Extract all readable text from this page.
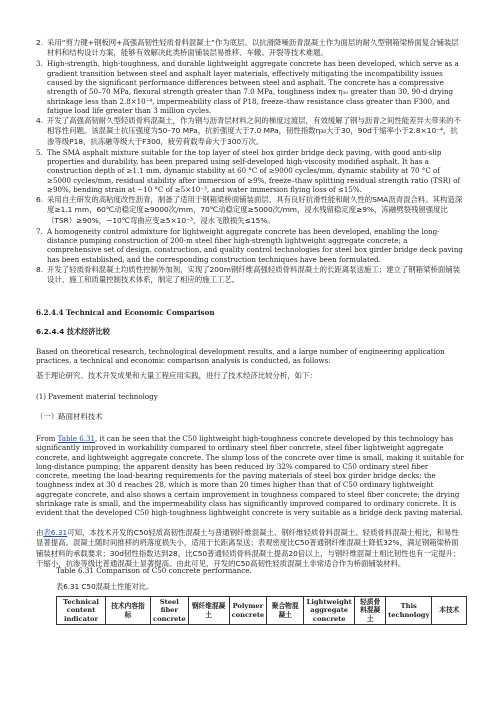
2. 采用“剪力键+钢板网+高强高韧性轻质骨料混凝土”作为底层、以抗滑降噪沥青混凝土作为面层的耐久型钢箱梁桥面复合铺装层材料和结构设计方案，能够有效解决此类桥面铺装层易推移、车辙、开裂等技术难题。
3. High-strength, high-toughness, and durable lightweight aggregate concrete has been developed, which serve as a gradient transition between steel and asphalt layer materials, effectively mitigating the incompatibility issues caused by the significant performance differences between steel and asphalt. The concrete has a compressive strength of 50–70 MPa, flexural strength greater than 7.0 MPa, toughness index η₃₀ greater than 30, 90-d drying shrinkage less than 2.8×10⁻⁴, impermeability class of P18, freeze–thaw resistance class greater than F300, and fatigue load life greater than 3 million cycles.
4. 开发了高强高韧耐久型轻质骨料混凝土，作为钢与沥青层材料之间的梯度过渡层，有效缓解了钢与沥青之间性能差异大带来的不相容性问题。该混凝土抗压强度为50–70 MPa，抗折强度大于7.0 MPa，韧性指数η₃₀大于30，90d干缩率小于2.8×10⁻⁴，抗渗等级P18，抗冻融等级大于F300，疲劳荷载寿命大于300万次。
5. The SMA asphalt mixture suitable for the top layer of steel box girder bridge deck paving, with good anti-slip properties and durability, has been prepared using self-developed high-viscosity modified asphalt. It has a construction depth of ≥1.1 mm, dynamic stability at 60 °C of ≥9000 cycles/mm, dynamic stability at 70 °C of ≥5000 cycles/mm, residual stability after immersion of ≥9%, freeze–thaw splitting residual strength ratio (TSR) of ≥90%, bending strain at −10 °C of ≥5×10⁻³, and water immersion flying loss of ≤15%.
6. 采用自主研发的高粘度改性沥青，制备了适用于钢箱梁桥面铺装面层、具有良好抗滑性能和耐久性的SMA沥青混合料。其构造深度≥1.1 mm，60℃动稳定度≥9000次/mm，70℃动稳定度≥5000次/mm，浸水残留稳定度≥9%，冻融劈裂残留强度比（TSR）≥90%，−10℃弯曲应变≥5×10⁻³，浸水飞散损失≤15%。
7. A homogeneity control admixture for lightweight aggregate concrete has been developed, enabling the long-distance pumping construction of 200-m steel fiber high-strength lightweight aggregate concrete; a comprehensive set of design, construction, and quality control technologies for steel box girder bridge deck paving has been established, and the corresponding construction techniques have been formulated.
8. 开发了轻质骨料混凝土均质性控制外加剂，实现了200m钢纤维高强轻质骨料混凝土的长距离泵送施工；建立了钢箱梁桥面铺装设计、施工和质量控制技术体系，制定了相应的施工工艺。
6.2.4.4 Technical and Economic Comparison
6.2.4.4 技术经济比较
Based on theoretical research, technological development results, and a large number of engineering application practices, a technical and economic comparison analysis is conducted, as follows:
基于理论研究、技术开发成果和大量工程应用实践，进行了技术经济比较分析，如下：
(1) Pavement material technology
（一）路面材料技术
From Table 6.31, it can be seen that the C50 lightweight high-toughness concrete developed by this technology has significantly improved in workability compared to ordinary steel fiber concrete, steel fiber lightweight aggregate concrete, and lightweight aggregate concrete. The slump loss of the concrete over time is small, making it suitable for long-distance pumping; the apparent density has been reduced by 32% compared to C50 ordinary steel fiber concrete, meeting the load-bearing requirements for the paving materials of steel box girder bridge decks; the toughness index at 30 d reaches 28, which is more than 20 times higher than that of C50 ordinary lightweight aggregate concrete, and also shows a certain improvement in toughness compared to steel fiber concrete; the drying shrinkage rate is small, and the impermeability class has significantly improved compared to ordinary concrete. It is evident that the developed C50 high-toughness lightweight concrete is very suitable as a bridge deck paving material.
由表6.31可知，本技术开发的C50轻质高韧性混凝土与普通钢纤维混凝土、钢纤维轻质骨料混凝土、轻质骨料混凝土相比，和易性显著提高。混凝土随时间推移的坍落度损失小，适用于长距离泵送；表观密度比C50普通钢纤维混凝土降低32%，满足钢箱梁桥面铺装材料的承载要求；30d韧性指数达到28，比C50普通轻质骨料混凝土提高20倍以上，与钢纤维混凝土相比韧性也有一定提升；干缩小，抗渗等级比普通混凝土显著提高。由此可见，开发的C50高韧性轻质混凝土非常适合作为桥面铺装材料。
Table 6.31 Comparison of C50 concrete performance.
表6.31 C50混凝土性能对比。
Technical content indicator	技术内容指标	Steel fiber concrete	钢纤维混凝土	Polymer concrete	聚合物混凝土	Lightweight aggregate concrete	轻质骨料混凝土	This technology	本技术
